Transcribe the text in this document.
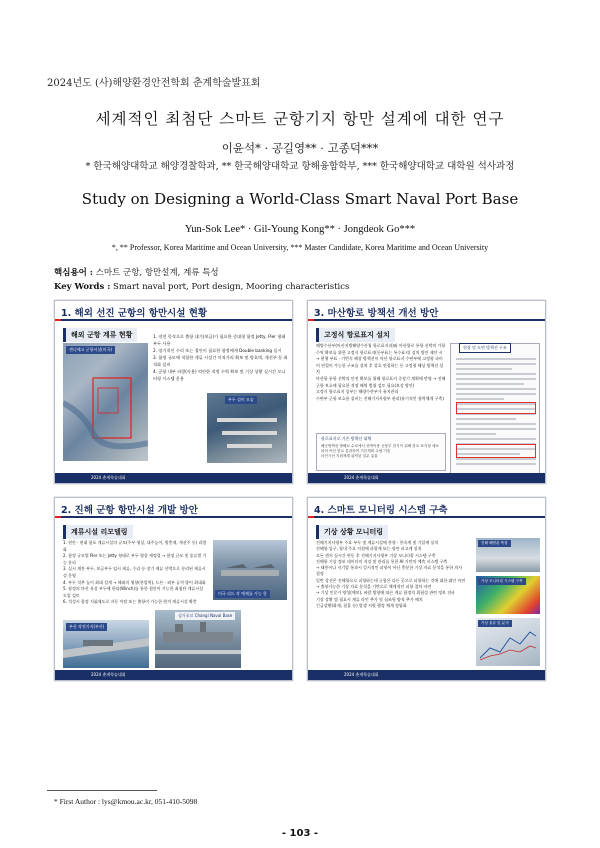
2024년도 (사)해양환경안전학회 춘계학술발표회
세계적인 최첨단 스마트 군항기지 항만 설계에 대한 연구
이윤석* · 공길영** · 고종덕***
* 한국해양대학교 해양경찰학과, ** 한국해양대학교 항해융합학부, *** 한국해양대학교 대학원 석사과정
Study on Designing a World-Class Smart Naval Port Base
Yun-Sok Lee* · Gil-Young Kong** · Jongdeok Go***
*, ** Professor, Korea Maritime and Ocean University, *** Master Candidate, Korea Maritime and Ocean University
핵심용어 : 스마트 군항, 항만설계, 계류 특성
Key Words : Smart naval port, Port design, Mooring characteristics
1. 해외 선진 군항의 항만시설 현황
해외 군항 계류 현황
샌디에고 군항시설(미국)
1. 작전 목적으로 출항 대기(보급)가 필요한 중대형 함정 Jetty, Pier 형태 부두 사용
2. 장기적인 수리 또는 접안이 필요한 함정에게 Double banking 실시
3. 함정 규모에 적합한 계류 시설간 이격거리 확보 및 방호벽, 계선주 등 최적화 설비
4. 군항 내부 파랑(사용) 억안한 적정 수역 확보 및 기상 상황 실시간 모니터링 시스템 운용
부두 설비 모습
2024 춘계학술대회
3. 마산항로 방책선 개선 방안
고정식 항로표지 설치
해양수산부(마산지방해양수산청 항로표지과)와 마산항로 통항 선박의 가항수역 확보를 위한 고정식 항로표지(등부표는 특수표지) 실치 방안 제안 시 → 현행 부표 · 기번식 해상 방책선이 마산 항로표지 수면부에 고정형 파이어 연결이 가능한 구조를 설치 후 상호 연결하는 등 고정형 해상 방책선 설치
마산항 통항 선박의 안전 확보를 위해 항로표지 중장기 계획에 반영 → 진해 군항 보호에 필요한 적정 해역 범위 검토 필요(보상 방안)
고정식 항로표지 설부는 해양수산부가 유지관리
수면부 군항 보호용 설비는 진해기지사령부 관리(유기적인 협력체계 구축)
항로표지로 기존 방책선 대체
해군방책선 방해로 수로에서 선박이용 공용부 잠식이 위해 항로 표지형 예보되어 어선 항로 통과하여 기본계획 수립 기술
마산시선 지원체계 위탁된 업무 효율
현장 및 도면 방책선 구조
2024 춘계학술대회
2. 진해 군항 항만시설 개발 방안
계류시설 리모델링
1. 현안 · 현대 함포 계류시설의 규모(주부 형상, 대주높이, 방충재, 계선주 등) 리방화
2. 함정 규모별 Pier 또는 Jetty 형태로 부두 형상 재정렬 → 함정 규모 및 종류별 기능 분리
3. 실시 계잔 부두, 보급부두 임시 제류, 수리 등 장기 제류 선박으로 분리된 제류시설 운영
4. 부두 석추 높이 최대 설계 → 해외의 영향(풍압력), 드론 · 외부 공격 방어 최대화
5. 함정의 마산 육상 부두에 편리(Winch)를 통한 접안이 가능한 최첨단 계류시설 도입 검토
6. 석성시 함정 지휘제도로 자동 이탈 또는 출항이 가능한 원격 계류시설 확충
미국 리드 작 예제를 가능 한
부산 작전기지(부산)
싱가포르 Changi Naval Base
2024 춘계학술대회
4. 스마트 모니터링 시스템 구축
기상 상황 모니터링
진해기지사령부 주요 부두 및 계류시설에 풍향 · 풍속계 및 기압계 설치
진해항 입구, 항내 주요 지점에 파랑계 또는 항만 파고계 설치
모든 센서 실시간 연동 후 진해기지사령부 기상 모니터링 시스템 구축
진해항 기상 정보 데이터의 저장 및 관리를 통한 AI 기반의 예측 시스템 구축
→ 태풍이나 저기압 통과시 일시적인 피항이 아닌 충분한 기상 자료 분석을 통한 의사 결정
일반 상선은 진해항으로 피항하는데 군함은 다른 곳으로 피항하는 것에 대한 대안 마련
→ 출항가능한 기상 자료 분석을 기반으로 체계적인 피항 절차 마련
→ 기상 인문가 양성(예보), 바람 방향에 따른 계류 함정의 위험성 관련 정보 전파
기상 상황 별 필요시 계류 라인 추가 및 심조원 양직 추가 배치
긴급상황(화재, 침몰 등) 발생 지원 행정 체계 정립화
진해 해양관 측정
가상 모니터링 시스템 구축
가상 물류 및 분석
2024 춘계학술대회
* First Author : lys@kmou.ac.kr, 051-410-5098
- 103 -
